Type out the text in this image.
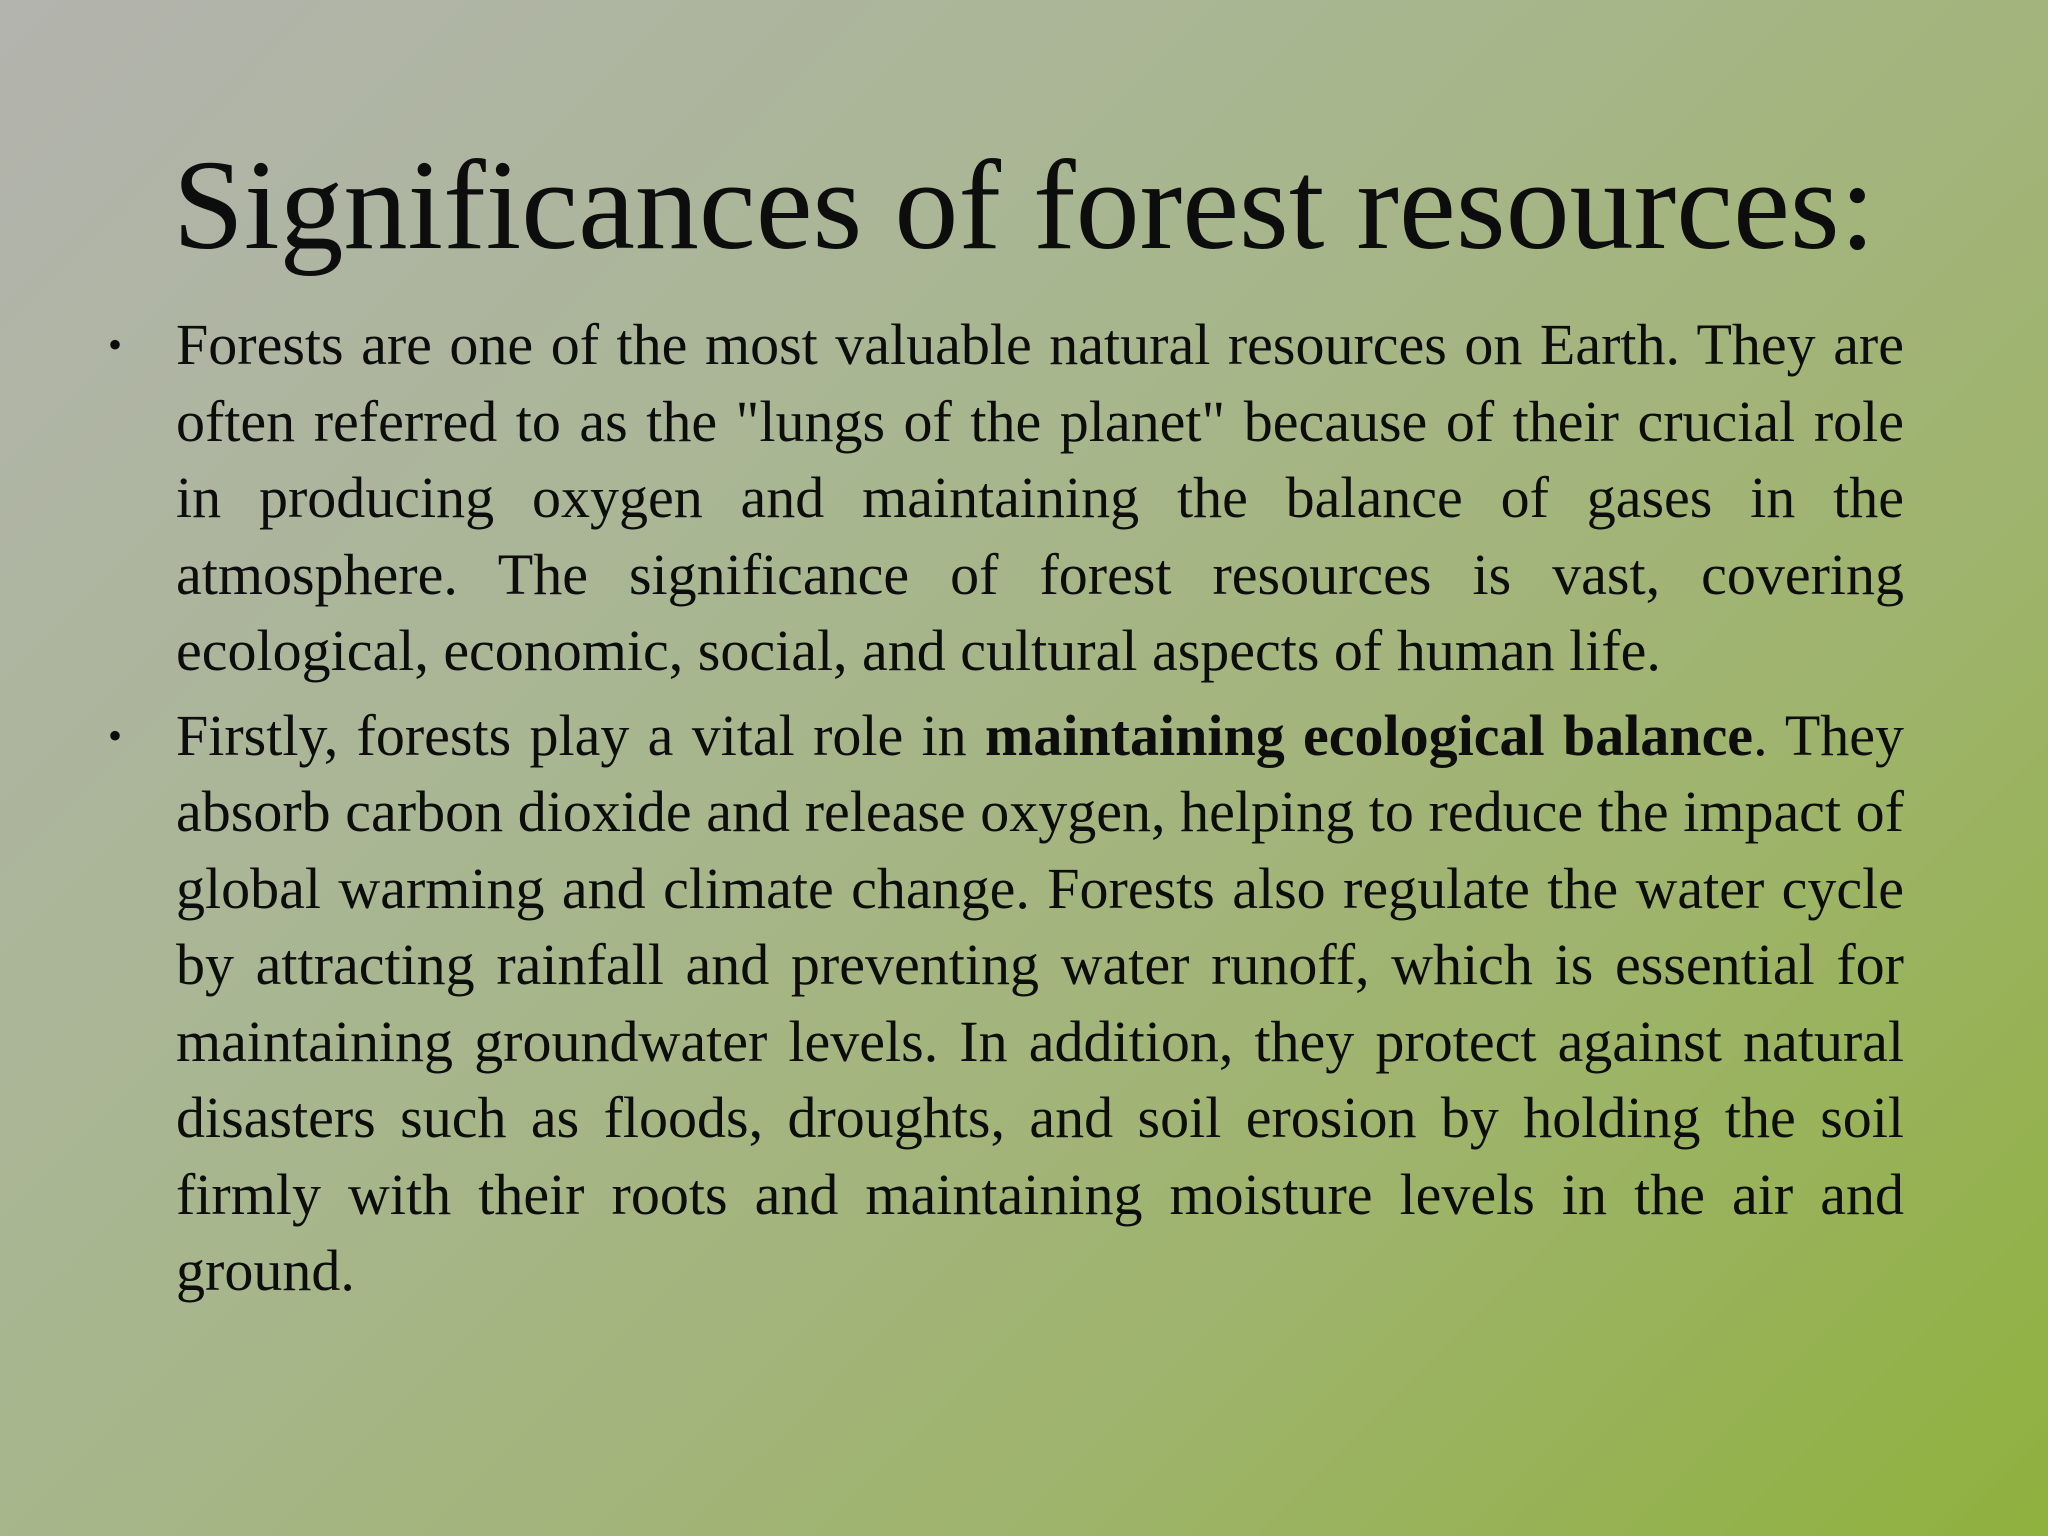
Significances of forest resources:
• Forests are one of the most valuable natural resources on Earth. They are often referred to as the "lungs of the planet" because of their crucial role in producing oxygen and maintaining the balance of gases in the atmosphere. The significance of forest resources is vast, covering ecological, economic, social, and cultural aspects of human life.
• Firstly, forests play a vital role in maintaining ecological balance. They absorb carbon dioxide and release oxygen, helping to reduce the impact of global warming and climate change. Forests also regulate the water cycle by attracting rainfall and preventing water runoff, which is essential for maintaining groundwater levels. In addition, they protect against natural disasters such as floods, droughts, and soil erosion by holding the soil firmly with their roots and maintaining moisture levels in the air and ground.
